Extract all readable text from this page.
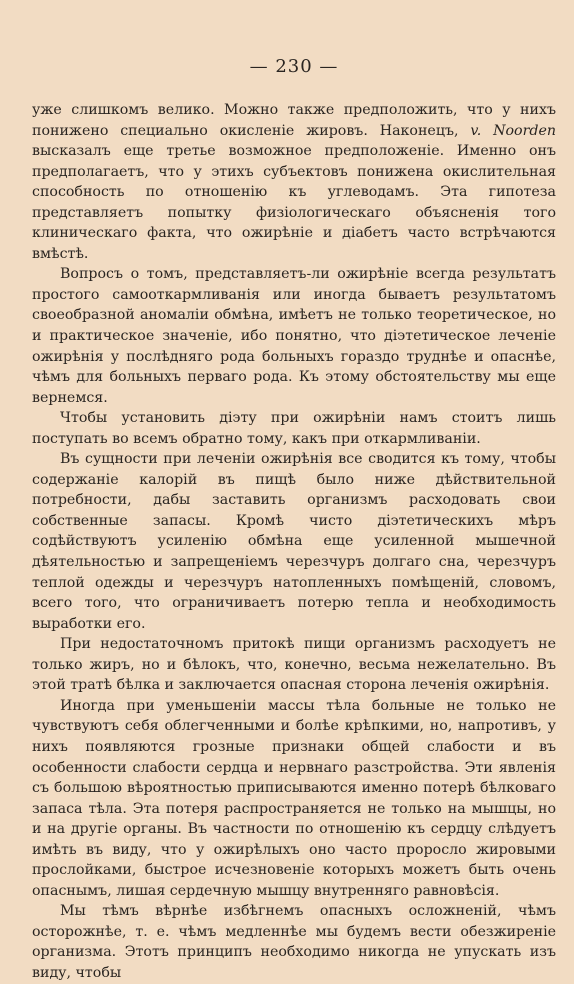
— 230 —

уже слишкомъ велико. Можно также предположить, что у нихъ понижено специально окисленіе жировъ. Наконецъ, v. Noorden высказалъ еще третье возможное предположеніе. Именно онъ предполагаетъ, что у этихъ субъектовъ понижена окислительная способность по отношенію къ углеводамъ. Эта гипотеза представляетъ попытку физіологическаго объясненія того клиническаго факта, что ожирѣніе и діабетъ часто встрѣчаются вмѣстѣ.

Вопросъ о томъ, представляетъ-ли ожирѣніе всегда результатъ простого самооткармливанія или иногда бываетъ результатомъ своеобразной аномаліи обмѣна, имѣетъ не только теоретическое, но и практическое значеніе, ибо понятно, что діэтетическое леченіе ожирѣнія у послѣдняго рода больныхъ гораздо труднѣе и опаснѣе, чѣмъ для больныхъ перваго рода. Къ этому обстоятельству мы еще вернемся.

Чтобы установить діэту при ожирѣніи намъ стоитъ лишь поступать во всемъ обратно тому, какъ при откармливаніи.

Въ сущности при леченіи ожирѣнія все сводится къ тому, чтобы содержаніе калорій въ пищѣ было ниже дѣйствительной потребности, дабы заставить организмъ расходовать свои собственные запасы. Кромѣ чисто діэтетическихъ мѣръ содѣйствуютъ усиленію обмѣна еще усиленной мышечной дѣятельностью и запрещеніемъ черезчуръ долгаго сна, черезчуръ теплой одежды и черезчуръ натопленныхъ помѣщеній, словомъ, всего того, что ограничиваетъ потерю тепла и необходимость выработки его.

При недостаточномъ притокѣ пищи организмъ расходуетъ не только жиръ, но и бѣлокъ, что, конечно, весьма нежелательно. Въ этой тратѣ бѣлка и заключается опасная сторона леченія ожирѣнія.

Иногда при уменьшеніи массы тѣла больные не только не чувствуютъ себя облегченными и болѣе крѣпкими, но, напротивъ, у нихъ появляются грозные признаки общей слабости и въ особенности слабости сердца и нервнаго разстройства. Эти явленія съ большою вѣроятностью приписываются именно потерѣ бѣлковаго запаса тѣла. Эта потеря распространяется не только на мышцы, но и на другіе органы. Въ частности по отношенію къ сердцу слѣдуетъ имѣть въ виду, что у ожирѣлыхъ оно часто проросло жировыми прослойками, быстрое исчезновеніе которыхъ можетъ быть очень опаснымъ, лишая сердечную мышцу внутренняго равновѣсія.

Мы тѣмъ вѣрнѣе избѣгнемъ опасныхъ осложненій, чѣмъ осторожнѣе, т. е. чѣмъ медленнѣе мы будемъ вести обезжиреніе организма. Этотъ принципъ необходимо никогда не упускать изъ виду, чтобы
